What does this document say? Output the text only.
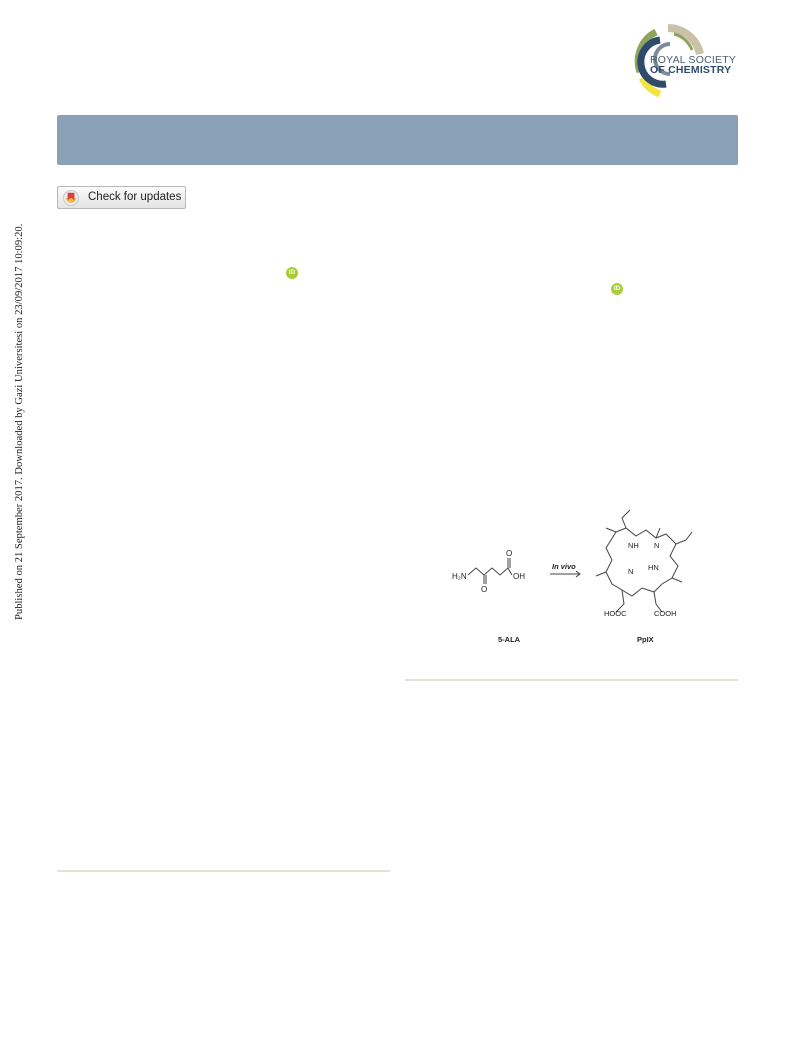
ROYAL SOCIETY
OF CHEMISTRY
Check for updates
Published on 21 September 2017. Downloaded by Gazi Universitesi on 23/09/2017 10:09:20.	iD
iD
H₂N	OH
O
O
In vivo
NH N
N HN
HOOC	COOH
5-ALA	PpIX
